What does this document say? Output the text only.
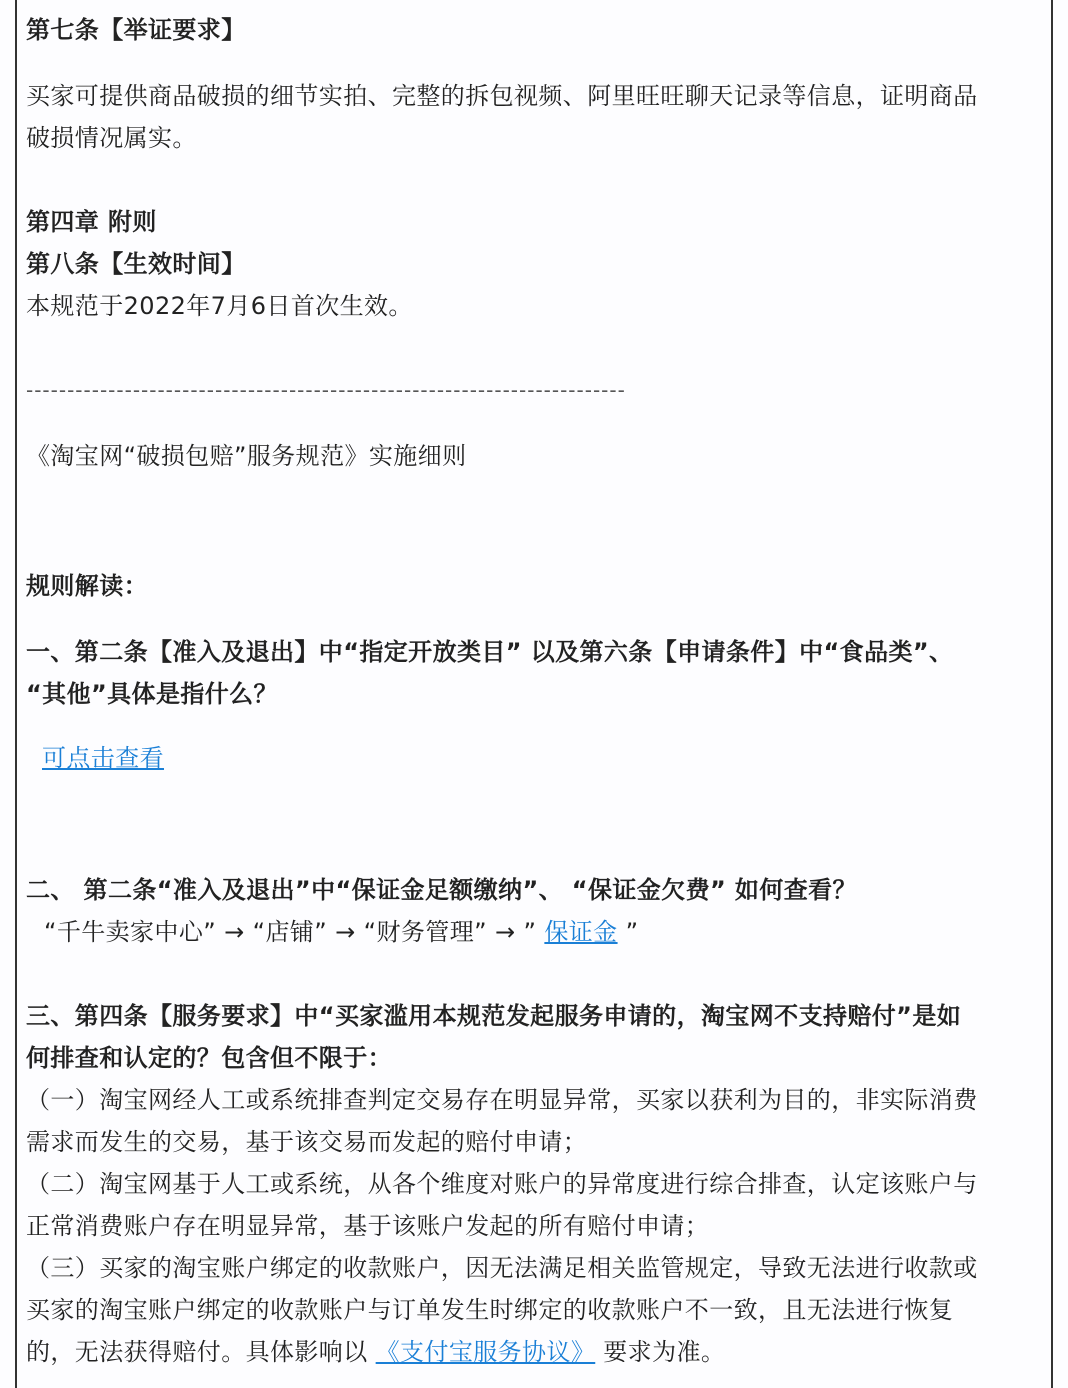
第七条【举证要求】
买家可提供商品破损的细节实拍、完整的拆包视频、阿里旺旺聊天记录等信息，证明商品
破损情况属实。
第四章 附则
第八条【生效时间】
本规范于2022年7月6日首次生效。
-------------------------------------------------------------------------
《淘宝网“破损包赔”服务规范》实施细则
规则解读：
一、第二条【准入及退出】中“指定开放类目” 以及第六条【申请条件】中“食品类”、
“其他”具体是指什么？
可点击查看
二、 第二条“准入及退出”中“保证金足额缴纳”、 “保证金欠费” 如何查看？
“千牛卖家中心” → “店铺” → “财务管理” → ” 保证金 ”
三、第四条【服务要求】中“买家滥用本规范发起服务申请的，淘宝网不支持赔付”是如
何排查和认定的？包含但不限于：
（一）淘宝网经人工或系统排查判定交易存在明显异常，买家以获利为目的，非实际消费
需求而发生的交易，基于该交易而发起的赔付申请；
（二）淘宝网基于人工或系统，从各个维度对账户的异常度进行综合排查，认定该账户与
正常消费账户存在明显异常，基于该账户发起的所有赔付申请；
（三）买家的淘宝账户绑定的收款账户，因无法满足相关监管规定，导致无法进行收款或
买家的淘宝账户绑定的收款账户与订单发生时绑定的收款账户不一致，且无法进行恢复
的，无法获得赔付。具体影响以 《支付宝服务协议》 要求为准。
